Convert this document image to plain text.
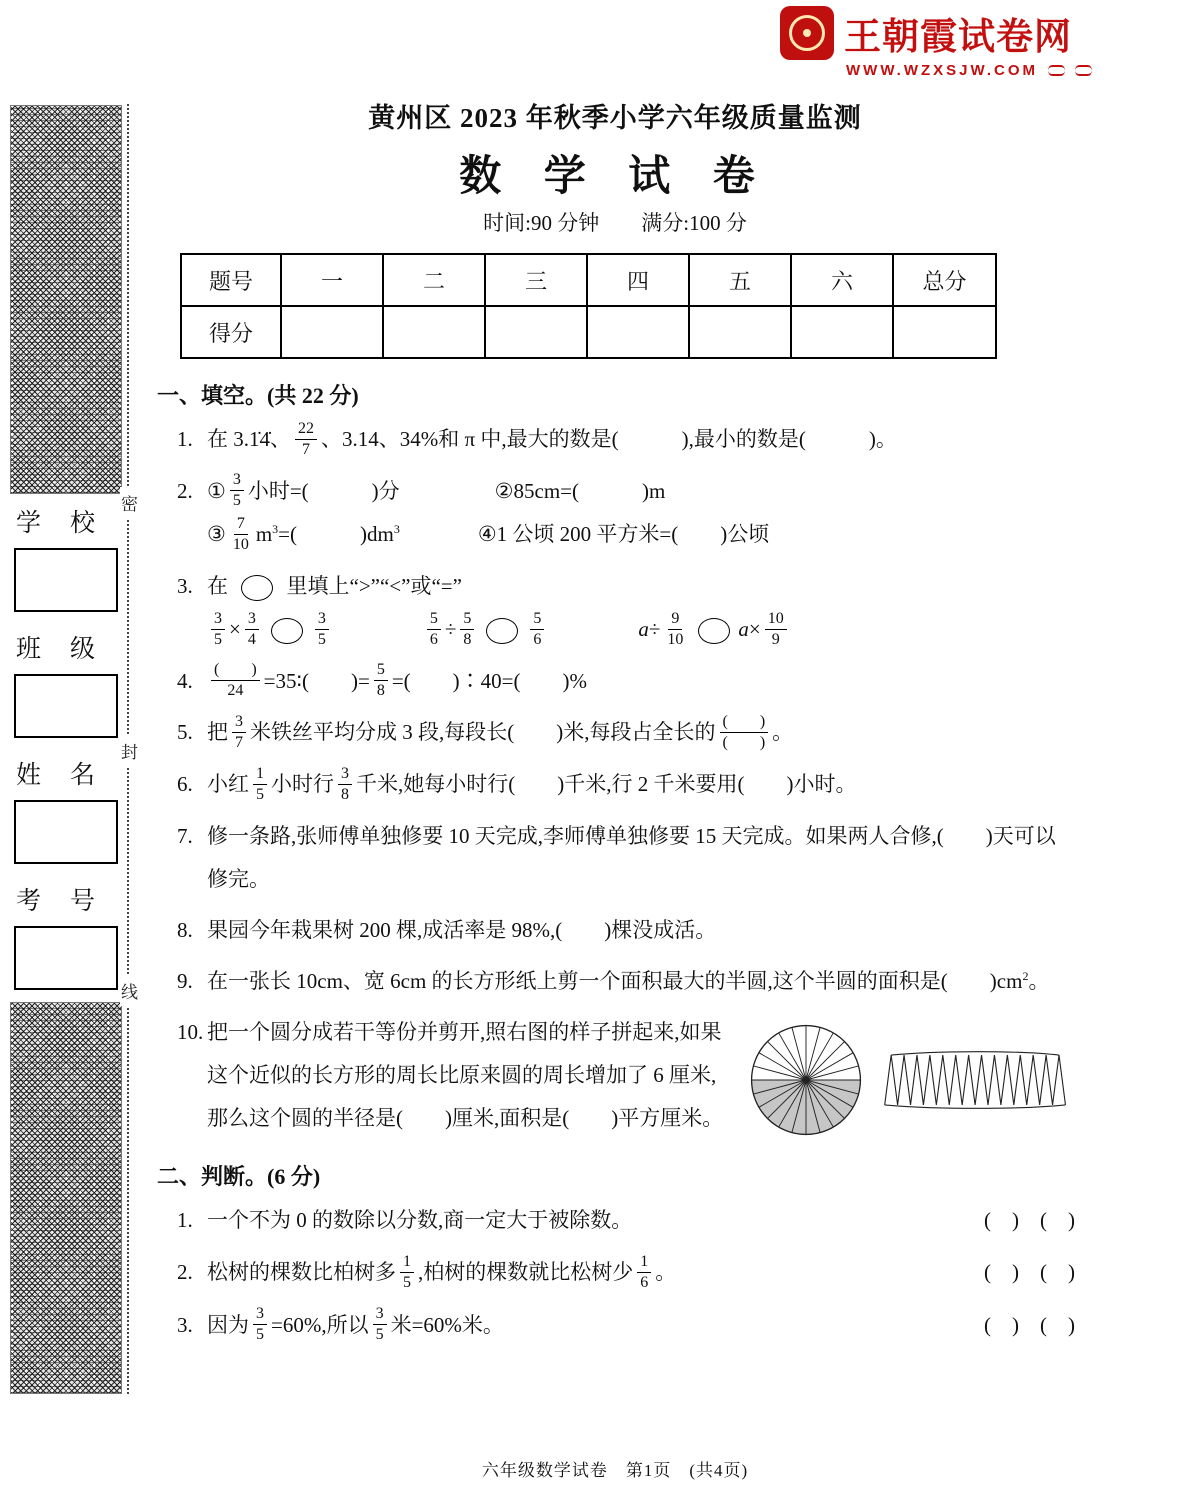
密
封
线
学　校
班　级
姓　名
考　号
王朝霞试卷网
WWW.WZXSJW.COM
黄州区 2023 年秋季小学六年级质量监测
数 学 试 卷
时间:90 分钟　　满分:100 分
题号	一	二	三	四	五	六	总分
得分							
一、填空。(共 22 分)
1. 在 3.1̇4̇、 $\frac{22}{7}$ 、3.14、34%和 π 中,最大的数是(　　　),最小的数是(　　　)。
2. ① $\frac{3}{5}$ 小时=(　　　)分	②85cm=(　　　)m
③ $\frac{7}{10} m^3=$(　　　)$dm^3$	④1 公顷 200 平方米=(　　)公顷
3. 在  里填上“>”“<”或“=”

$\frac{3}{5} \times \frac{3}{4}$	$\frac{3}{5}$	$\frac{5}{6} \div \frac{5}{8}$	$\frac{5}{6}$	$a\div \frac{9}{10} a\times \frac{10}{9}$
4. $\frac{( )}{24}$ =35∶(　　)= $\frac{5}{8}$ =(　　)∶40=(　　)%
5. 把 $\frac{3}{7}$ 米铁丝平均分成 3 段,每段长(　　)米,每段占全长的 $\frac{( )}{( )}$ 。
6. 小红 $\frac{1}{5}$ 小时行 $\frac{3}{8}$ 千米,她每小时行(　　)千米,行 2 千米要用(　　)小时。
7. 修一条路,张师傅单独修要 10 天完成,李师傅单独修要 15 天完成。如果两人合修,(　　)天可以修完。
8. 果园今年栽果树 200 棵,成活率是 98%,(　　)棵没成活。
9. 在一张长 10cm、宽 6cm 的长方形纸上剪一个面积最大的半圆,这个半圆的面积是(　　)$cm^2$。
10. 把一个圆分成若干等份并剪开,照右图的样子拼起来,如果这个近似的长方形的周长比原来圆的周长增加了 6 厘米,那么这个圆的半径是(　　)厘米,面积是(　　)平方厘米。
二、判断。(6 分)
1. 一个不为 0 的数除以分数,商一定大于被除数。	(　)　(　)
2. 松树的棵数比柏树多 $\frac{1}{5}$ ,柏树的棵数就比松树少 $\frac{1}{6}$ 。	(　)　(　)
3. 因为 $\frac{3}{5} =60\%$,所以 $\frac{3}{5}$ 米=60%米。	(　)　(　)
六年级数学试卷　第1页　(共4页)
